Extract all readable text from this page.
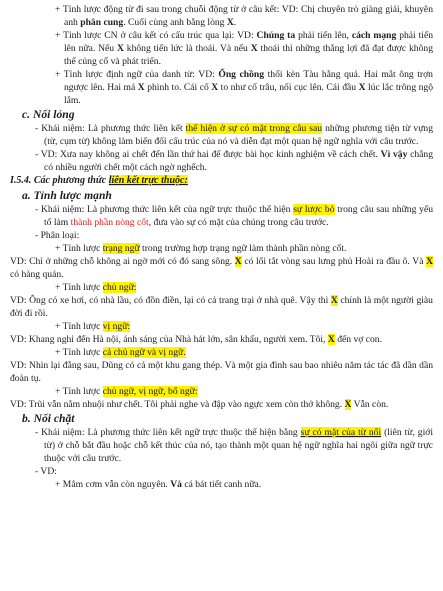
+ Tỉnh lược động từ đi sau trong chuỗi động từ ở câu kết: VD: Chị chuyên trò giàng giải, khuyên anh phân cung. Cuối cùng anh bằng lòng X.

+ Tỉnh lược CN ở câu kết có cấu trúc qua lại: VD: Chúng ta phải tiến lên, cách mạng phải tiến lên nữa. Nếu X không tiến lức là thoái. Và nếu X thoái thì những thắng lợi đã đạt được không thể củng cố và phát triển.

+ Tỉnh lược định ngữ của danh từ: VD: Ống chồng thổi kèn Tàu hằng quá. Hai mắt ông trợn ngược lên. Hai má X phình to. Cái cổ X to như cổ trâu, nổi cục lên. Cái đầu X lúc lắc trông ngộ lắm.

c. Nối lỏng

- Khái niệm: Là phương thức liên kết thể hiện ở sự có mặt trong câu sau những phương tiện từ vựng (từ, cụm từ) không làm biến đổi cấu trúc của nó và diễn đạt một quan hệ ngữ nghĩa với câu trước.

- VD: Xưa nay không ai chết đến lần thứ hai để được bài học kinh nghiệm về cách chết. Vì vậy chẳng có nhiều người chết một cách ngờ nghếch.

I.5.4. Các phương thức liên kết trực thuộc:

a. Tỉnh lược mạnh

- Khái niệm: Là phương thức liên kết của ngữ trực thuộc thể hiện sự lược bỏ trong câu sau những yếu tố làm thành phần nòng cốt, đưa vào sự có mặt của chúng trong câu trước.

- Phân loại:

+ Tỉnh lược trạng ngữ trong trường hợp trạng ngữ làm thành phần nòng cốt.

VD: Chỉ ở những chỗ không ai ngờ mới có đó sang sông. X có lối tắt vòng sau lưng phủ Hoài ra đầu ô. Và X có hàng quán.

+ Tỉnh lược chủ ngữ:

VD: Ông có xe hơi, có nhà lầu, có đồn điền, lại có cả trang trại ở nhà quê. Vậy thì X chính là một người giàu đời đi rồi.

+ Tỉnh lược vị ngữ:

VD: Khang nghỉ đến Hà nội, ánh sáng của Nhà hát lớn, sân khấu, người xem. Tôi, X đến vợ con.

+ Tỉnh lược cả chủ ngữ và vị ngữ.

VD: Nhìn lại đằng sau, Dũng có cả một khu gang thép. Và một gia đình sau bao nhiêu năm tác tác đã dần dần đoàn tụ.

+ Tỉnh lược chủ ngữ, vị ngữ, bổ ngữ:

VD: Trũi vẫn nằm nhuội như chết. Tôi phải nghe và đập vào ngực xem còn thở không. X Vẫn còn.

b. Nối chặt

- Khái niệm: Là phương thức liên kết ngữ trực thuộc thể hiện bằng sự có mặt của từ nối (liên từ, giới từ) ở chỗ bắt đầu hoặc chỗ kết thúc của nó, tạo thành một quan hệ ngữ nghĩa hai ngôi giữa ngữ trực thuộc với câu trước.

- VD:

+ Mâm cơm vẫn còn nguyên. Và cá bát tiết canh nữa.
